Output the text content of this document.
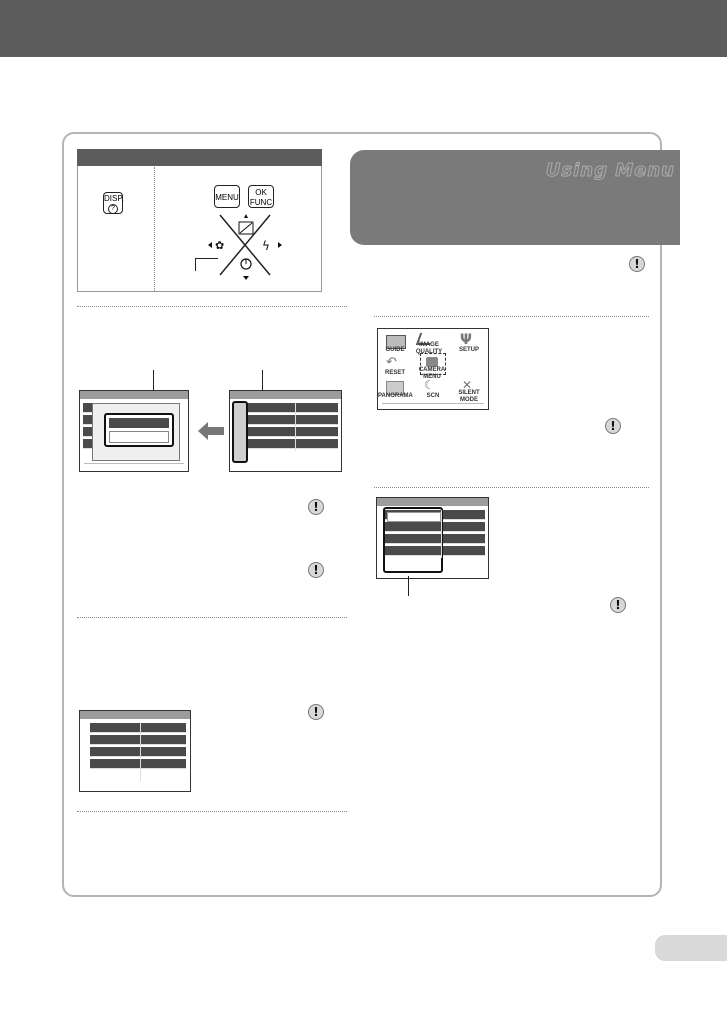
DISP.
?
MENU
OK
FUNC
✿	ϟ
!
!
!
Using Menu
!
Ψ
↶
☾	✕
GUIDE
IMAGE QUALITY
CAMERA MENU
SETUP
RESET
PANORAMA	SCN	SILENT MODE
!
!
